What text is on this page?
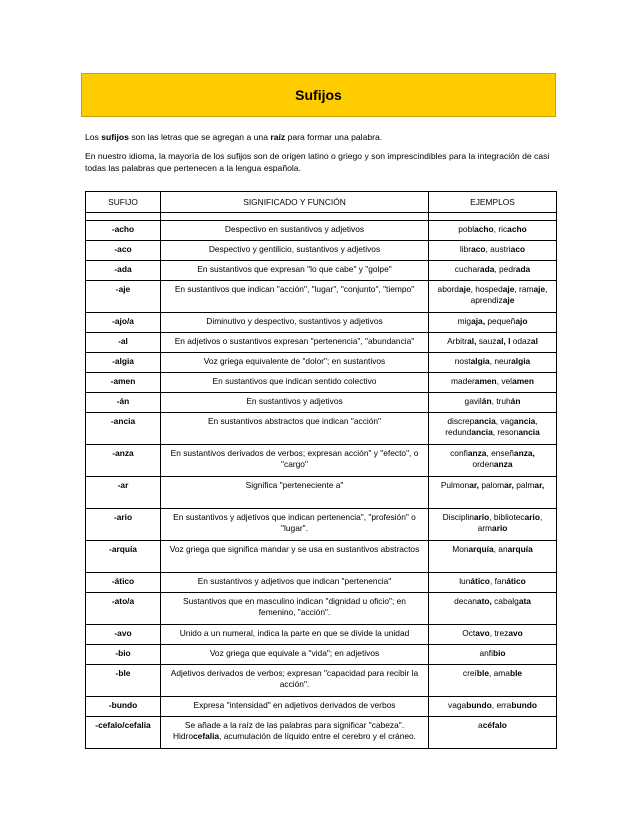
Sufijos
Los sufijos son las letras que se agregan a una raíz para formar una palabra.
En nuestro idioma, la mayoría de los sufijos son de origen latino o griego y son imprescindibles para la integración de casi todas las palabras que pertenecen a la lengua española.
SUFIJO	SIGNIFICADO Y FUNCIÓN	EJEMPLOS

-acho	Despectivo en sustantivos y adjetivos	poblacho, ricacho
-aco	Despectivo y gentilicio, sustantivos y adjetivos	libraco, austriaco
-ada	En sustantivos que expresan "lo que cabe" y "golpe"	cucharada, pedrada
-aje	En sustantivos que indican "acción", "lugar", "conjunto", "tiempo"	abordaje, hospedaje, ramaje, aprendizaje
-ajo/a	Diminutivo y despectivo, sustantivos y adjetivos	migaja, pequeñajo
-al	En adjetivos o sustantivos expresan "pertenencia", "abundancia"	Arbitral, sauzal, l odazal
-algia	Voz griega equivalente de "dolor"; en sustantivos	nostalgia, neuralgia
-amen	En sustantivos que indican sentido colectivo	maderamen, velamen
-án	En sustantivos y adjetivos	gavilán, truhán
-ancia	En sustantivos abstractos que indican "acción"	discrepancia, vagancia, redundancia, resonancia
-anza	En sustantivos derivados de verbos; expresan acción" y "efecto", o "cargo"	confianza, enseñanza, ordenanza
-ar	Significa "perteneciente a"	Pulmonar, palomar, palmar,
-ario	En sustantivos y adjetivos que indican pertenencia", "profesión" o "lugar".	Disciplinario, bibliotecario, armario
-arquía	Voz griega que significa mandar y se usa en sustantivos abstractos	Monarquía, anarquía
-ático	En sustantivos y adjetivos que indican "pertenencia"	lunático, fanático
-ato/a	Sustantivos que en masculino indican "dignidad u oficio"; en femenino, "acción".	decanato, cabalgata
-avo	Unido a un numeral, indica la parte en que se divide la unidad	Octavo, trezavo
-bio	Voz griega que equivale a "vida"; en adjetivos	anfibio
-ble	Adjetivos derivados de verbos; expresan "capacidad para recibir la acción".	creíble, amable
-bundo	Expresa "intensidad" en adjetivos derivados de verbos	vagabundo, errabundo
-cefalo/cefalia	Se añade a la raíz de las palabras para significar "cabeza". Hidrocefalia, acumulación de líquido entre el cerebro y el cráneo.	acéfalo
